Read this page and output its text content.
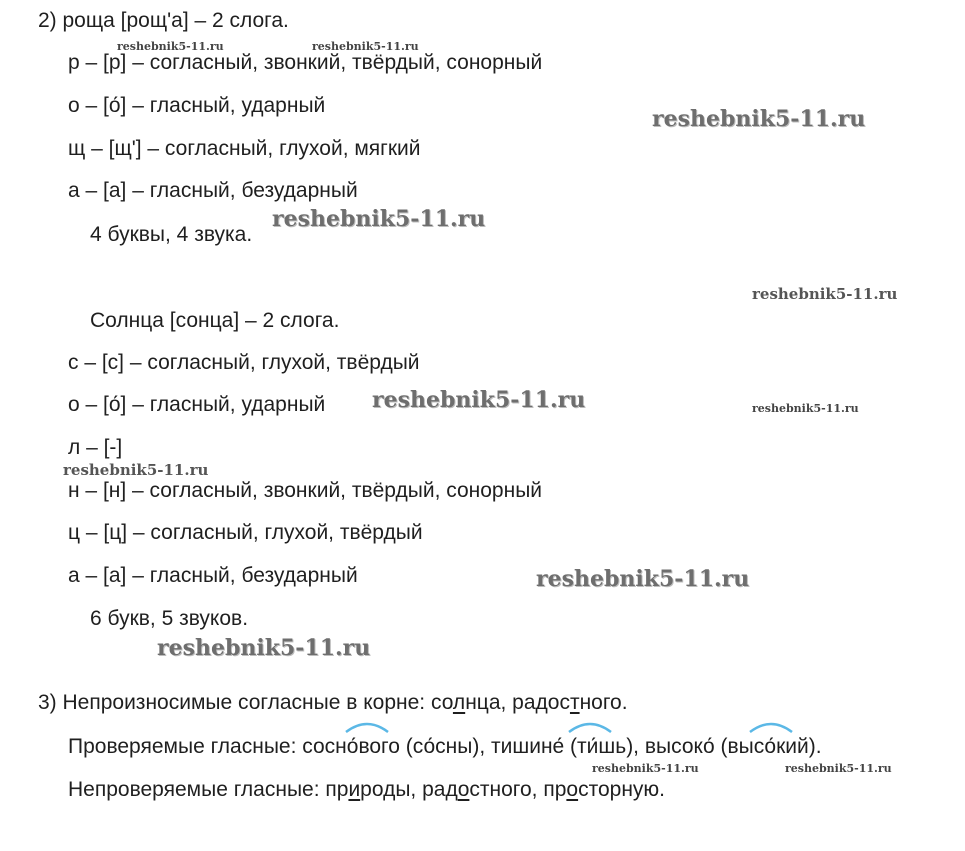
2) роща [рощ'а] – 2 слога.
р – [р] – согласный, звонкий, твёрдый, сонорный
о – [о́] – гласный, ударный
щ – [щ'] – согласный, глухой, мягкий
а – [а] – гласный, безударный
4 буквы, 4 звука.
Солнца [сонца] – 2 слога.
с – [с] – согласный, глухой, твёрдый
о – [о́] – гласный, ударный
л – [-]
н – [н] – согласный, звонкий, твёрдый, сонорный
ц – [ц] – согласный, глухой, твёрдый
а – [а] – гласный, безударный
6 букв, 5 звуков.
3) Непроизносимые согласные в корне: солнца, радостного.
Проверяемые гласные: сосно́вого (со́сны), тишине́ (ти́шь), высоко́ (высо́кий).
Непроверяемые гласные: природы, радостного, просторную.
reshebnik5-11.ru	reshebnik5-11.ru
reshebnik5-11.ru
reshebnik5-11.ru
reshebnik5-11.ru
reshebnik5-11.ru	reshebnik5-11.ru
reshebnik5-11.ru
reshebnik5-11.ru
reshebnik5-11.ru
reshebnik5-11.ru	reshebnik5-11.ru
